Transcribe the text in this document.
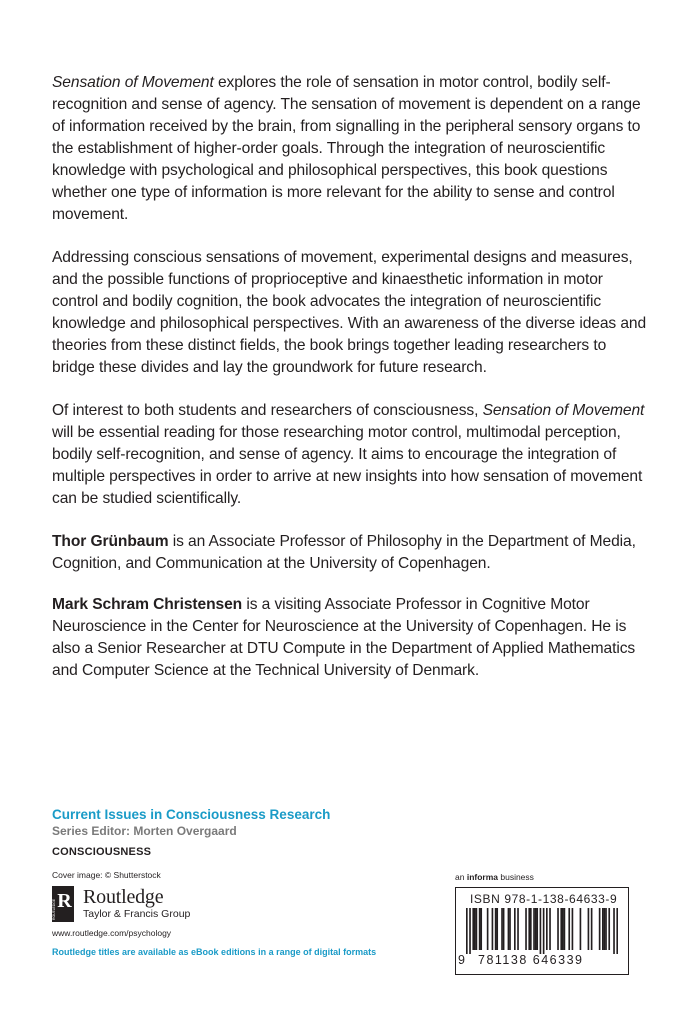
Sensation of Movement explores the role of sensation in motor control, bodily self-recognition and sense of agency. The sensation of movement is dependent on a range of information received by the brain, from signalling in the peripheral sensory organs to the establishment of higher-order goals. Through the integration of neuroscientific knowledge with psychological and philosophical perspectives, this book questions whether one type of information is more relevant for the ability to sense and control movement.

Addressing conscious sensations of movement, experimental designs and measures, and the possible functions of proprioceptive and kinaesthetic information in motor control and bodily cognition, the book advocates the integration of neuroscientific knowledge and philosophical perspectives. With an awareness of the diverse ideas and theories from these distinct fields, the book brings together leading researchers to bridge these divides and lay the groundwork for future research.

Of interest to both students and researchers of consciousness, Sensation of Movement will be essential reading for those researching motor control, multimodal perception, bodily self-recognition, and sense of agency. It aims to encourage the integration of multiple perspectives in order to arrive at new insights into how sensation of movement can be studied scientifically.

Thor Grünbaum is an Associate Professor of Philosophy in the Department of Media, Cognition, and Communication at the University of Copenhagen.

Mark Schram Christensen is a visiting Associate Professor in Cognitive Motor Neuroscience in the Center for Neuroscience at the University of Copenhagen. He is also a Senior Researcher at DTU Compute in the Department of Applied Mathematics and Computer Science at the Technical University of Denmark.

Current Issues in Consciousness Research
Series Editor: Morten Overgaard
CONSCIOUSNESS
Cover image: © Shutterstock
R
ROUTLEDGE
Routledge
Taylor & Francis Group
www.routledge.com/psychology
Routledge titles are available as eBook editions in a range of digital formats
an informa business
ISBN 978-1-138-64633-9
9 781138 646339
